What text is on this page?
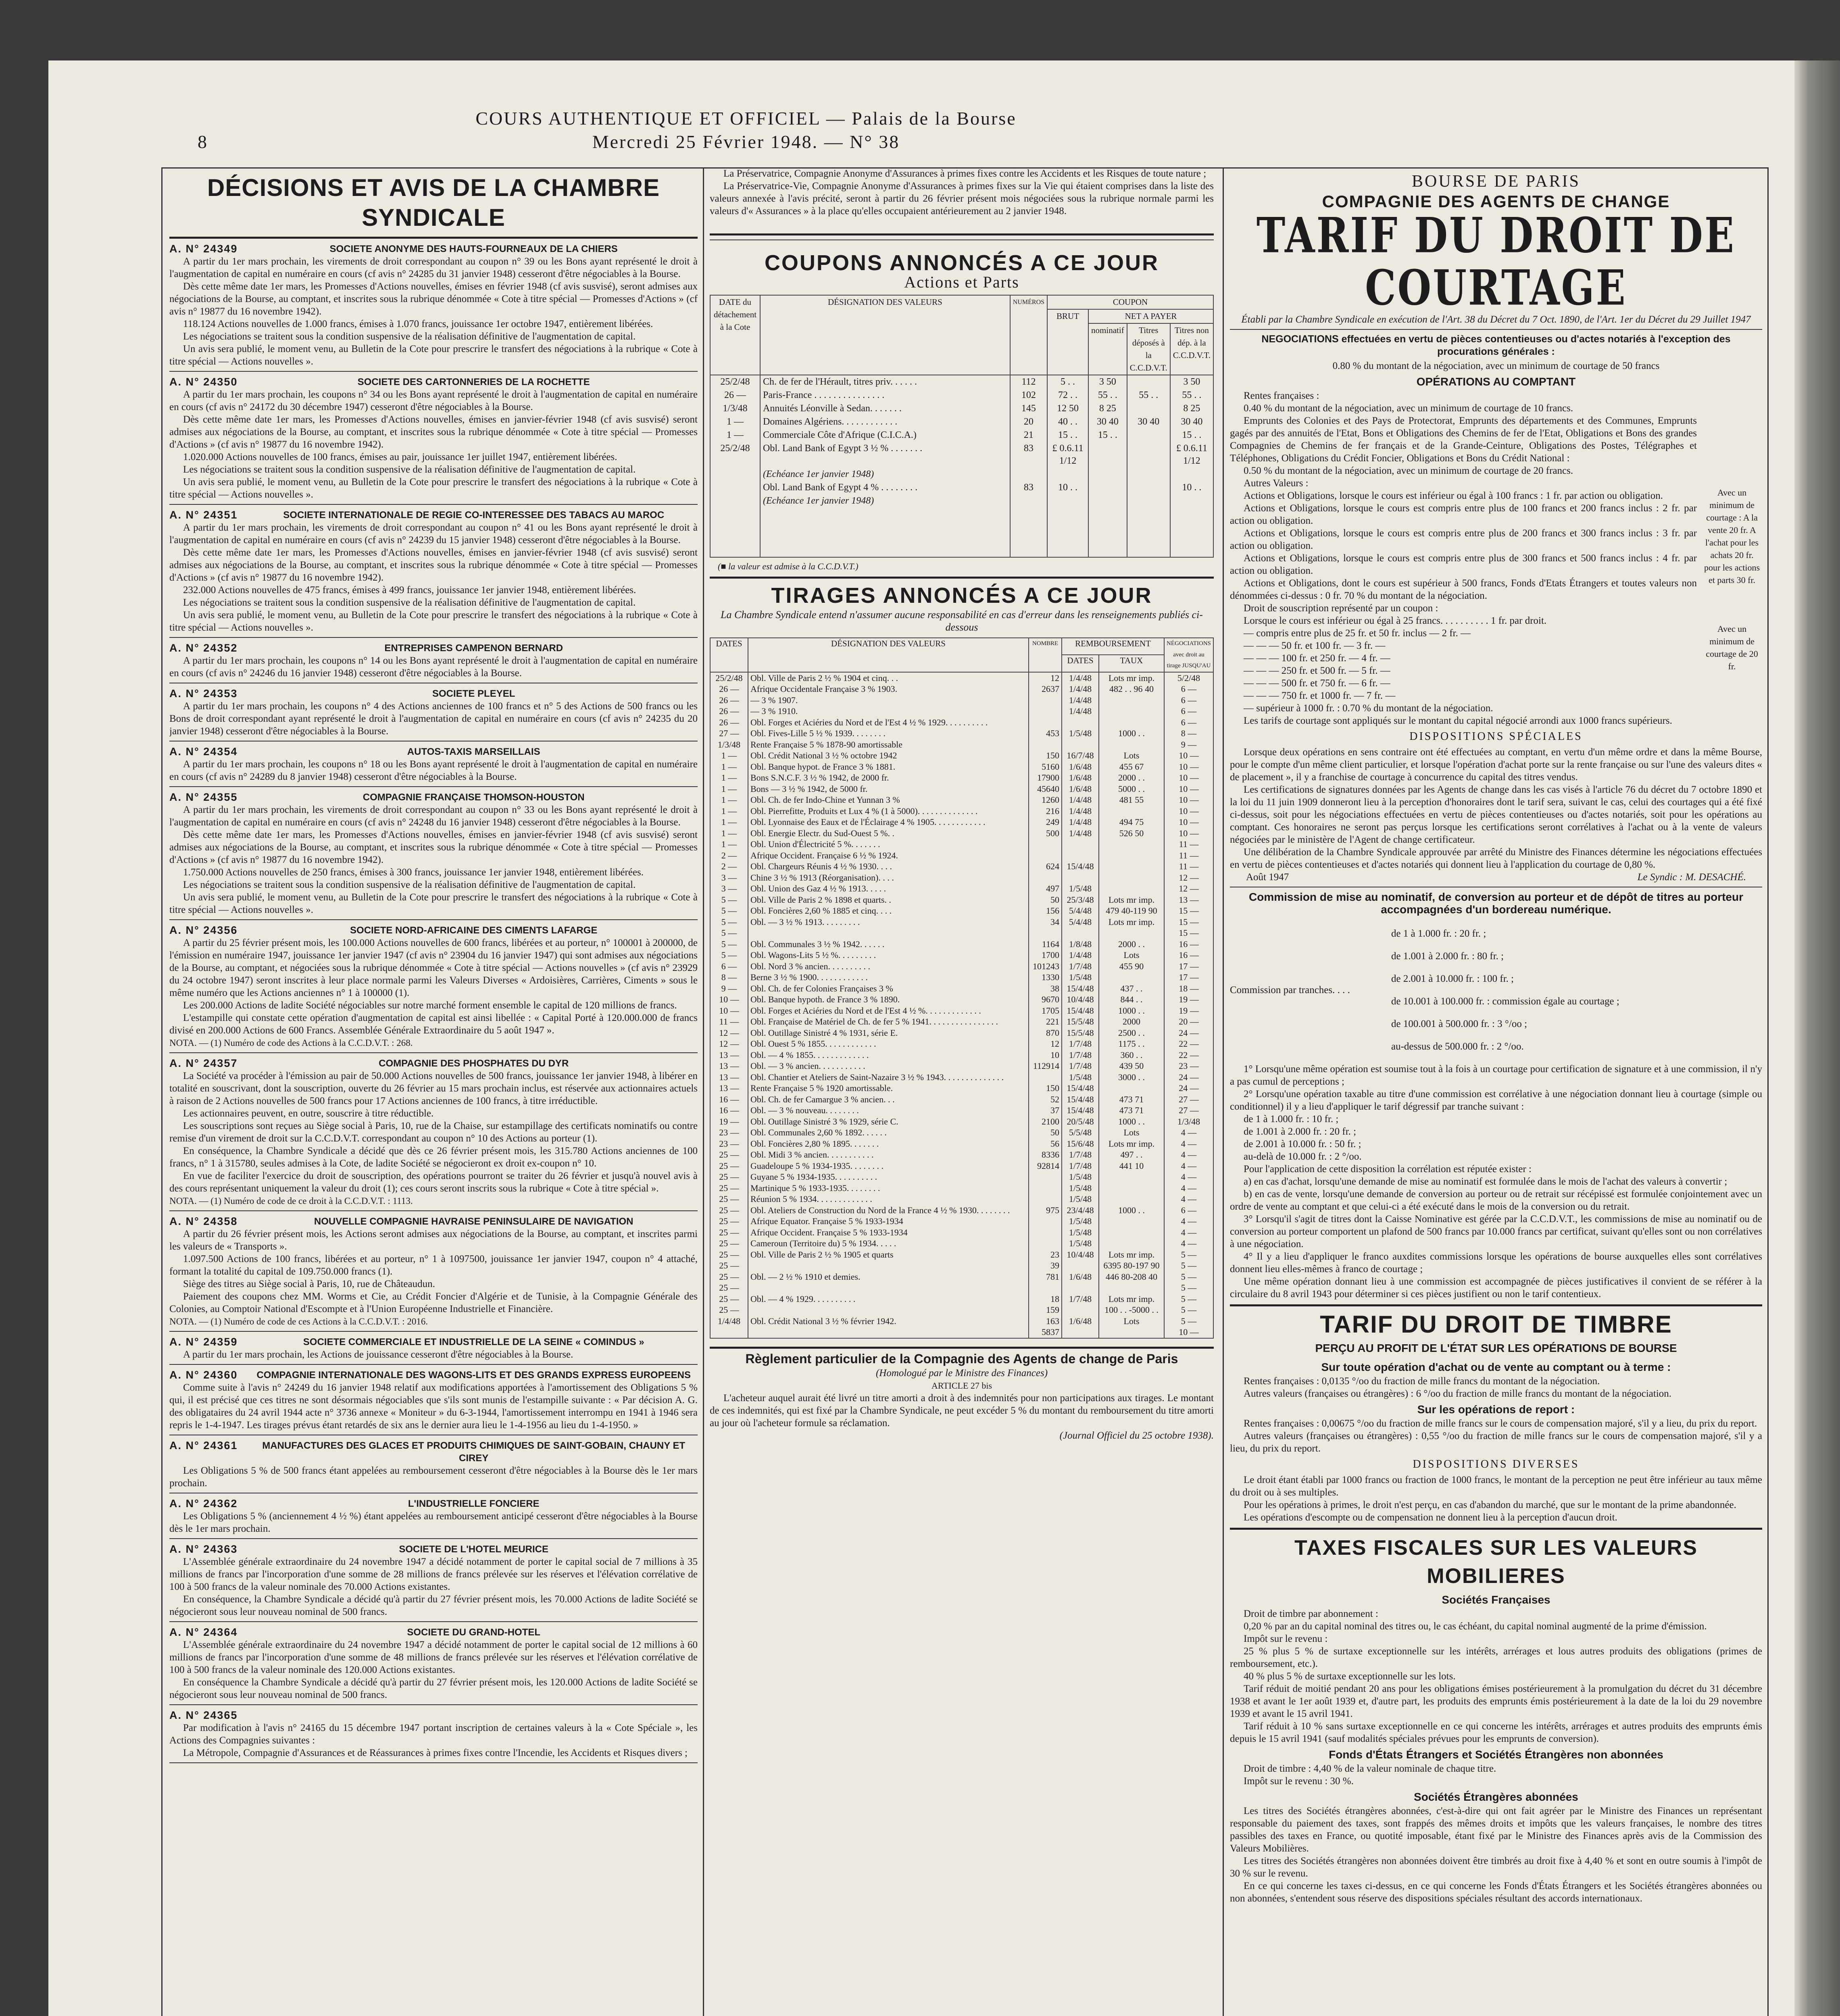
8
COURS AUTHENTIQUE ET OFFICIEL — Palais de la Bourse
Mercredi 25 Février 1948. — N° 38
DÉCISIONS ET AVIS DE LA CHAMBRE SYNDICALE
A. N° 24349	SOCIETE ANONYME DES HAUTS-FOURNEAUX DE LA CHIERS

A partir du 1er mars prochain, les virements de droit correspondant au coupon n° 39 ou les Bons ayant représenté le droit à l'augmentation de capital en numéraire en cours (cf avis n° 24285 du 31 janvier 1948) cesseront d'être négociables à la Bourse.

Dès cette même date 1er mars, les Promesses d'Actions nouvelles, émises en février 1948 (cf avis susvisé), seront admises aux négociations de la Bourse, au comptant, et inscrites sous la rubrique dénommée « Cote à titre spécial — Promesses d'Actions » (cf avis n° 19877 du 16 novembre 1942).

118.124 Actions nouvelles de 1.000 francs, émises à 1.070 francs, jouissance 1er octobre 1947, entièrement libérées.

Les négociations se traitent sous la condition suspensive de la réalisation définitive de l'augmentation de capital.

Un avis sera publié, le moment venu, au Bulletin de la Cote pour prescrire le transfert des négociations à la rubrique « Cote à titre spécial — Actions nouvelles ».

A. N° 24350	SOCIETE DES CARTONNERIES DE LA ROCHETTE

A partir du 1er mars prochain, les coupons n° 34 ou les Bons ayant représenté le droit à l'augmentation de capital en numéraire en cours (cf avis n° 24172 du 30 décembre 1947) cesseront d'être négociables à la Bourse.

Dès cette même date 1er mars, les Promesses d'Actions nouvelles, émises en janvier-février 1948 (cf avis susvisé) seront admises aux négociations de la Bourse, au comptant, et inscrites sous la rubrique dénommée « Cote à titre spécial — Promesses d'Actions » (cf avis n° 19877 du 16 novembre 1942).

1.020.000 Actions nouvelles de 100 francs, émises au pair, jouissance 1er juillet 1947, entièrement libérées.

Les négociations se traitent sous la condition suspensive de la réalisation définitive de l'augmentation de capital.

Un avis sera publié, le moment venu, au Bulletin de la Cote pour prescrire le transfert des négociations à la rubrique « Cote à titre spécial — Actions nouvelles ».

A. N° 24351	SOCIETE INTERNATIONALE DE REGIE CO-INTERESSEE DES TABACS AU MAROC

A partir du 1er mars prochain, les virements de droit correspondant au coupon n° 41 ou les Bons ayant représenté le droit à l'augmentation de capital en numéraire en cours (cf avis n° 24239 du 15 janvier 1948) cesseront d'être négociables à la Bourse.

Dès cette même date 1er mars, les Promesses d'Actions nouvelles, émises en janvier-février 1948 (cf avis susvisé) seront admises aux négociations de la Bourse, au comptant, et inscrites sous la rubrique dénommée « Cote à titre spécial — Promesses d'Actions » (cf avis n° 19877 du 16 novembre 1942).

232.000 Actions nouvelles de 475 francs, émises à 499 francs, jouissance 1er janvier 1948, entièrement libérées.

Les négociations se traitent sous la condition suspensive de la réalisation définitive de l'augmentation de capital.

Un avis sera publié, le moment venu, au Bulletin de la Cote pour prescrire le transfert des négociations à la rubrique « Cote à titre spécial — Actions nouvelles ».

A. N° 24352	ENTREPRISES CAMPENON BERNARD

A partir du 1er mars prochain, les coupons n° 14 ou les Bons ayant représenté le droit à l'augmentation de capital en numéraire en cours (cf avis n° 24246 du 16 janvier 1948) cesseront d'être négociables à la Bourse.

A. N° 24353	SOCIETE PLEYEL

A partir du 1er mars prochain, les coupons n° 4 des Actions anciennes de 100 francs et n° 5 des Actions de 500 francs ou les Bons de droit correspondant ayant représenté le droit à l'augmentation de capital en numéraire en cours (cf avis n° 24235 du 20 janvier 1948) cesseront d'être négociables à la Bourse.

A. N° 24354	AUTOS-TAXIS MARSEILLAIS

A partir du 1er mars prochain, les coupons n° 18 ou les Bons ayant représenté le droit à l'augmentation de capital en numéraire en cours (cf avis n° 24289 du 8 janvier 1948) cesseront d'être négociables à la Bourse.

A. N° 24355	COMPAGNIE FRANÇAISE THOMSON-HOUSTON

A partir du 1er mars prochain, les virements de droit correspondant au coupon n° 33 ou les Bons ayant représenté le droit à l'augmentation de capital en numéraire en cours (cf avis n° 24248 du 16 janvier 1948) cesseront d'être négociables à la Bourse.

Dès cette même date 1er mars, les Promesses d'Actions nouvelles, émises en janvier-février 1948 (cf avis susvisé) seront admises aux négociations de la Bourse, au comptant, et inscrites sous la rubrique dénommée « Cote à titre spécial — Promesses d'Actions » (cf avis n° 19877 du 16 novembre 1942).

1.750.000 Actions nouvelles de 250 francs, émises à 300 francs, jouissance 1er janvier 1948, entièrement libérées.

Les négociations se traitent sous la condition suspensive de la réalisation définitive de l'augmentation de capital.

Un avis sera publié, le moment venu, au Bulletin de la Cote pour prescrire le transfert des négociations à la rubrique « Cote à titre spécial — Actions nouvelles ».

A. N° 24356	SOCIETE NORD-AFRICAINE DES CIMENTS LAFARGE

A partir du 25 février présent mois, les 100.000 Actions nouvelles de 600 francs, libérées et au porteur, n° 100001 à 200000, de l'émission en numéraire 1947, jouissance 1er janvier 1947 (cf avis n° 23904 du 16 janvier 1947) qui sont admises aux négociations de la Bourse, au comptant, et négociées sous la rubrique dénommée « Cote à titre spécial — Actions nouvelles » (cf avis n° 23929 du 24 octobre 1947) seront inscrites à leur place normale parmi les Valeurs Diverses « Ardoisières, Carrières, Ciments » sous le même numéro que les Actions anciennes n° 1 à 100000 (1).

Les 200.000 Actions de ladite Société négociables sur notre marché forment ensemble le capital de 120 millions de francs.

L'estampille qui constate cette opération d'augmentation de capital est ainsi libellée : « Capital Porté à 120.000.000 de francs divisé en 200.000 Actions de 600 Francs. Assemblée Générale Extraordinaire du 5 août 1947 ».

NOTA. — (1) Numéro de code des Actions à la C.C.D.V.T. : 268.

A. N° 24357	COMPAGNIE DES PHOSPHATES DU DYR

La Société va procéder à l'émission au pair de 50.000 Actions nouvelles de 500 francs, jouissance 1er janvier 1948, à libérer en totalité en souscrivant, dont la souscription, ouverte du 26 février au 15 mars prochain inclus, est réservée aux actionnaires actuels à raison de 2 Actions nouvelles de 500 francs pour 17 Actions anciennes de 100 francs, à titre irréductible.

Les actionnaires peuvent, en outre, souscrire à titre réductible.

Les souscriptions sont reçues au Siège social à Paris, 10, rue de la Chaise, sur estampillage des certificats nominatifs ou contre remise d'un virement de droit sur la C.C.D.V.T. correspondant au coupon n° 10 des Actions au porteur (1).

En conséquence, la Chambre Syndicale a décidé que dès ce 26 février présent mois, les 315.780 Actions anciennes de 100 francs, n° 1 à 315780, seules admises à la Cote, de ladite Société se négocieront ex droit ex-coupon n° 10.

En vue de faciliter l'exercice du droit de souscription, des opérations pourront se traiter du 26 février et jusqu'à nouvel avis à des cours représentant uniquement la valeur du droit (1); ces cours seront inscrits sous la rubrique « Cote à titre spécial ».

NOTA. — (1) Numéro de code de ce droit à la C.C.D.V.T. : 1113.

A. N° 24358	NOUVELLE COMPAGNIE HAVRAISE PENINSULAIRE DE NAVIGATION

A partir du 26 février présent mois, les Actions seront admises aux négociations de la Bourse, au comptant, et inscrites parmi les valeurs de « Transports ».

1.097.500 Actions de 100 francs, libérées et au porteur, n° 1 à 1097500, jouissance 1er janvier 1947, coupon n° 4 attaché, formant la totalité du capital de 109.750.000 francs (1).

Siège des titres au Siège social à Paris, 10, rue de Châteaudun.

Paiement des coupons chez MM. Worms et Cie, au Crédit Foncier d'Algérie et de Tunisie, à la Compagnie Générale des Colonies, au Comptoir National d'Escompte et à l'Union Européenne Industrielle et Financière.

NOTA. — (1) Numéro de code de ces Actions à la C.C.D.V.T. : 2016.

A. N° 24359	SOCIETE COMMERCIALE ET INDUSTRIELLE DE LA SEINE « COMINDUS »

A partir du 1er mars prochain, les Actions de jouissance cesseront d'être négociables à la Bourse.

A. N° 24360	COMPAGNIE INTERNATIONALE DES WAGONS-LITS ET DES GRANDS EXPRESS EUROPEENS

Comme suite à l'avis n° 24249 du 16 janvier 1948 relatif aux modifications apportées à l'amortissement des Obligations 5 % qui, il est précisé que ces titres ne sont désormais négociables que s'ils sont munis de l'estampille suivante : « Par décision A. G. des obligataires du 24 avril 1944 acte n° 3736 annexe « Moniteur » du 6-3-1944, l'amortissement interrompu en 1941 à 1946 sera repris le 1-4-1947. Les tirages prévus étant retardés de six ans le dernier aura lieu le 1-4-1956 au lieu du 1-4-1950. »

A. N° 24361	MANUFACTURES DES GLACES ET PRODUITS CHIMIQUES DE SAINT-GOBAIN, CHAUNY ET CIREY

Les Obligations 5 % de 500 francs étant appelées au remboursement cesseront d'être négociables à la Bourse dès le 1er mars prochain.

A. N° 24362	L'INDUSTRIELLE FONCIERE

Les Obligations 5 % (anciennement 4 ½ %) étant appelées au remboursement anticipé cesseront d'être négociables à la Bourse dès le 1er mars prochain.

A. N° 24363	SOCIETE DE L'HOTEL MEURICE

L'Assemblée générale extraordinaire du 24 novembre 1947 a décidé notamment de porter le capital social de 7 millions à 35 millions de francs par l'incorporation d'une somme de 28 millions de francs prélevée sur les réserves et l'élévation corrélative de 100 à 500 francs de la valeur nominale des 70.000 Actions existantes.

En conséquence, la Chambre Syndicale a décidé qu'à partir du 27 février présent mois, les 70.000 Actions de ladite Société se négocieront sous leur nouveau nominal de 500 francs.

A. N° 24364	SOCIETE DU GRAND-HOTEL

L'Assemblée générale extraordinaire du 24 novembre 1947 a décidé notamment de porter le capital social de 12 millions à 60 millions de francs par l'incorporation d'une somme de 48 millions de francs prélevée sur les réserves et l'élévation corrélative de 100 à 500 francs de la valeur nominale des 120.000 Actions existantes.

En conséquence la Chambre Syndicale a décidé qu'à partir du 27 février présent mois, les 120.000 Actions de ladite Société se négocieront sous leur nouveau nominal de 500 francs.

A. N° 24365

Par modification à l'avis n° 24165 du 15 décembre 1947 portant inscription de certaines valeurs à la « Cote Spéciale », les Actions des Compagnies suivantes :

La Métropole, Compagnie d'Assurances et de Réassurances à primes fixes contre l'Incendie, les Accidents et Risques divers ;

La Préservatrice, Compagnie Anonyme d'Assurances à primes fixes contre les Accidents et les Risques de toute nature ;

La Préservatrice-Vie, Compagnie Anonyme d'Assurances à primes fixes sur la Vie qui étaient comprises dans la liste des valeurs annexée à l'avis précité, seront à partir du 26 février présent mois négociées sous la rubrique normale parmi les valeurs d'« Assurances » à la place qu'elles occupaient antérieurement au 2 janvier 1948.

COUPONS ANNONCÉS A CE JOUR
Actions et Parts
DATE du détachement à la Cote	DÉSIGNATION DES VALEURS	NUMÉROS	COUPON			
			BRUT	NET A PAYER		
				nominatif	Titres déposés à la C.C.D.V.T.	Titres non dép. à la C.C.D.V.T.
25/2/48	Ch. de fer de l'Hérault, titres priv. . . . . .	112	5 . .	3 50		3 50
26 —	Paris-France . . . . . . . . . . . . . . .	102	72 . .	55 . .	55 . .	55 . .
1/3/48	Annuités Léonville à Sedan. . . . . . .	145	12 50	8 25		8 25
1 —	Domaines Algériens. . . . . . . . . . . .	20	40 . .	30 40	30 40	30 40
1 —	Commerciale Côte d'Afrique (C.I.C.A.)	21	15 . .	15 . .		15 . .
25/2/48	Obl. Land Bank of Egypt 3 ½ % . . . . . . .	83	£ 0.6.11 1/12			£ 0.6.11 1/12
	(Echéance 1er janvier 1948)					
	Obl. Land Bank of Egypt 4 % . . . . . . . .	83	10 . .			10 . .
	(Echéance 1er janvier 1948)					

(■ la valeur est admise à la C.C.D.V.T.)
TIRAGES ANNONCÉS A CE JOUR
La Chambre Syndicale entend n'assumer aucune responsabilité en cas d'erreur dans les renseignements publiés ci-dessous
DATES	DÉSIGNATION DES VALEURS	NOMBRE	REMBOURSEMENT		NÉGOCIATIONS avec droit au tirage JUSQU'AU
			DATES	TAUX	
25/2/48	Obl. Ville de Paris 2 ½ % 1904 et cinq. . .	12	1/4/48	Lots mr imp.	5/2/48
26 —	Afrique Occidentale Française 3 % 1903.	2637	1/4/48	482 . . 96 40	6 —
26 —	— 3 % 1907.		1/4/48		6 —
26 —	— 3 % 1910.		1/4/48		6 —
26 —	Obl. Forges et Aciéries du Nord et de l'Est 4 ½ % 1929. . . . . . . . . .				6 —
27 —	Obl. Fives-Lille 5 ½ % 1939. . . . . . . .	453	1/5/48	1000 . .	8 —
1/3/48	Rente Française 5 % 1878-90 amortissable				9 —
1 —	Obl. Crédit National 3 ½ % octobre 1942	150	16/7/48	Lots	10 —
1 —	Obl. Banque hypot. de France 3 % 1881.	5160	1/6/48	455 67	10 —
1 —	Bons S.N.C.F. 3 ½ % 1942, de 2000 fr.	17900	1/6/48	2000 . .	10 —
1 —	Bons — 3 ½ % 1942, de 5000 fr.	45640	1/6/48	5000 . .	10 —
1 —	Obl. Ch. de fer Indo-Chine et Yunnan 3 %	1260	1/4/48	481 55	10 —
1 —	Obl. Pierrefitte, Produits et Lux 4 % (1 à 5000). . . . . . . . . . . . . .	216	1/4/48		10 —
1 —	Obl. Lyonnaise des Eaux et de l'Éclairage 4 % 1905. . . . . . . . . . . .	249	1/4/48	494 75	10 —
1 —	Obl. Energie Electr. du Sud-Ouest 5 %. .	500	1/4/48	526 50	10 —
1 —	Obl. Union d'Électricité 5 %. . . . . . .				11 —
2 —	Afrique Occident. Française 6 ½ % 1924.				11 —
2 —	Obl. Chargeurs Réunis 4 ½ % 1930. . . .	624	15/4/48		11 —
3 —	Chine 3 ½ % 1913 (Réorganisation). . . .				12 —
3 —	Obl. Union des Gaz 4 ½ % 1913. . . . .	497	1/5/48		12 —
5 —	Obl. Ville de Paris 2 % 1898 et quarts. .	50	25/3/48	Lots mr imp.	13 —
5 —	Obl. Foncières 2,60 % 1885 et cinq. . . .	156	5/4/48	479 40-119 90	15 —
5 —	Obl. — 3 ½ % 1913. . . . . . . . .	34	5/4/48	Lots mr imp.	15 —
5 —					15 —
5 —	Obl. Communales 3 ½ % 1942. . . . . .	1164	1/8/48	2000 . .	16 —
5 —	Obl. Wagons-Lits 5 ½ %. . . . . . . . .	1700	1/4/48	Lots	16 —
6 —	Obl. Nord 3 % ancien. . . . . . . . . .	101243	1/7/48	455 90	17 —
8 —	Berne 3 ½ % 1900. . . . . . . . . . . .	1330	1/5/48		17 —
9 —	Obl. Ch. de fer Colonies Françaises 3 %	38	15/4/48	437 . .	18 —
10 —	Obl. Banque hypoth. de France 3 % 1890.	9670	10/4/48	844 . .	19 —
10 —	Obl. Forges et Aciéries du Nord et de l'Est 4 ½ %. . . . . . . . . . . . .	1705	15/4/48	1000 . .	19 —
11 —	Obl. Française de Matériel de Ch. de fer 5 % 1941. . . . . . . . . . . . . . . .	221	15/5/48	2000	20 —
12 —	Obl. Outillage Sinistré 4 % 1931, série E.	870	15/5/48	2500 . .	24 —
12 —	Obl. Ouest 5 % 1855. . . . . . . . . . . .	12	1/7/48	1175 . .	22 —
13 —	Obl. — 4 % 1855. . . . . . . . . . . . .	10	1/7/48	360 . .	22 —
13 —	Obl. — 3 % ancien. . . . . . . . . . .	112914	1/7/48	439 50	23 —
13 —	Obl. Chantier et Ateliers de Saint-Nazaire 3 ½ % 1943. . . . . . . . . . . . . .		1/5/48	3000 . .	24 —
13 —	Rente Française 5 % 1920 amortissable.	150	15/4/48		24 —
16 —	Obl. Ch. de fer Camargue 3 % ancien. . .	52	15/4/48	473 71	27 —
16 —	Obl. — 3 % nouveau. . . . . . . .	37	15/4/48	473 71	27 —
19 —	Obl. Outillage Sinistré 3 % 1929, série C.	2100	20/5/48	1000 . .	1/3/48
23 —	Obl. Communales 2,60 % 1892. . . . . .	50	5/5/48	Lots	4 —
23 —	Obl. Foncières 2,80 % 1895. . . . . . .	56	15/6/48	Lots mr imp.	4 —
25 —	Obl. Midi 3 % ancien. . . . . . . . . . .	8336	1/7/48	497 . .	4 —
25 —	Guadeloupe 5 % 1934-1935. . . . . . . .	92814	1/7/48	441 10	4 —
25 —	Guyane 5 % 1934-1935. . . . . . . . . .		1/5/48		4 —
25 —	Martinique 5 % 1933-1935. . . . . . . .		1/5/48		4 —
25 —	Réunion 5 % 1934. . . . . . . . . . . . .		1/5/48		4 —
25 —	Obl. Ateliers de Construction du Nord de la France 4 ½ % 1930. . . . . . . .	975	23/4/48	1000 . .	6 —
25 —	Afrique Equator. Française 5 % 1933-1934		1/5/48		4 —
25 —	Afrique Occident. Française 5 % 1933-1934		1/5/48		4 —
25 —	Cameroun (Territoire du) 5 % 1934. . . . .		1/5/48		4 —
25 —	Obl. Ville de Paris 2 ½ % 1905 et quarts	23	10/4/48	Lots mr imp.	5 —
25 —		39		6395 80-197 90	5 —
25 —	Obl. — 2 ½ % 1910 et demies.	781	1/6/48	446 80-208 40	5 —
25 —					5 —
25 —	Obl. — 4 % 1929. . . . . . . . . .	18	1/7/48	Lots mr imp.	5 —
25 —		159		100 . . -5000 . .	5 —
1/4/48	Obl. Crédit National 3 ½ % février 1942.	163	1/6/48	Lots	5 —
		5837			10 —
Règlement particulier de la Compagnie des Agents de change de Paris
(Homologué par le Ministre des Finances)
ARTICLE 27 bis

L'acheteur auquel aurait été livré un titre amorti a droit à des indemnités pour non participations aux tirages. Le montant de ces indemnités, qui est fixé par la Chambre Syndicale, ne peut excéder 5 % du montant du remboursement du titre amorti au jour où l'acheteur formule sa réclamation.

(Journal Officiel du 25 octobre 1938).
BOURSE DE PARIS
COMPAGNIE DES AGENTS DE CHANGE
TARIF DU DROIT DE COURTAGE
Établi par la Chambre Syndicale en exécution de l'Art. 38 du Décret du 7 Oct. 1890, de l'Art. 1er du Décret du 29 Juillet 1947
NEGOCIATIONS effectuées en vertu de pièces contentieuses ou d'actes notariés à l'exception des procurations générales :
0.80 % du montant de la négociation, avec un minimum de courtage de 50 francs
OPÉRATIONS AU COMPTANT

Rentes françaises :

0.40 % du montant de la négociation, avec un minimum de courtage de 10 francs.

Emprunts des Colonies et des Pays de Protectorat, Emprunts des départements et des Communes, Emprunts gagés par des annuités de l'Etat, Bons et Obligations des Chemins de fer de l'Etat, Obligations et Bons des grandes Compagnies de Chemins de fer français et de la Grande-Ceinture, Obligations des Postes, Télégraphes et Téléphones, Obligations du Crédit Foncier, Obligations et Bons du Crédit National :

0.50 % du montant de la négociation, avec un minimum de courtage de 20 francs.

Autres Valeurs :

Actions et Obligations, lorsque le cours est inférieur ou égal à 100 francs : 1 fr. par action ou obligation.

Actions et Obligations, lorsque le cours est compris entre plus de 100 francs et 200 francs inclus : 2 fr. par action ou obligation.

Actions et Obligations, lorsque le cours est compris entre plus de 200 francs et 300 francs inclus : 3 fr. par action ou obligation.

Actions et Obligations, lorsque le cours est compris entre plus de 300 francs et 500 francs inclus : 4 fr. par action ou obligation.

Actions et Obligations, dont le cours est supérieur à 500 francs, Fonds d'Etats Étrangers et toutes valeurs non dénommées ci-dessus : 0 fr. 70 % du montant de la négociation.

Droit de souscription représenté par un coupon :

Lorsque le cours est inférieur ou égal à 25 francs. . . . . . . . . . 1 fr. par droit.

— compris entre plus de 25 fr. et 50 fr. inclus — 2 fr. —

— — — 50 fr. et 100 fr. — 3 fr. —

— — — 100 fr. et 250 fr. — 4 fr. —

— — — 250 fr. et 500 fr. — 5 fr. —

— — — 500 fr. et 750 fr. — 6 fr. —

— — — 750 fr. et 1000 fr. — 7 fr. —

— supérieur à 1000 fr. : 0.70 % du montant de la négociation.

Les tarifs de courtage sont appliqués sur le montant du capital négocié arrondi aux 1000 francs supérieurs.

Avec un minimum de courtage : A la vente 20 fr. A l'achat pour les achats 20 fr. pour les actions et parts 30 fr.
Avec un minimum de courtage de 20 fr.
DISPOSITIONS SPÉCIALES

Lorsque deux opérations en sens contraire ont été effectuées au comptant, en vertu d'un même ordre et dans la même Bourse, pour le compte d'un même client particulier, et lorsque l'opération d'achat porte sur la rente française ou sur l'une des valeurs dites « de placement », il y a franchise de courtage à concurrence du capital des titres vendus.

Les certifications de signatures données par les Agents de change dans les cas visés à l'article 76 du décret du 7 octobre 1890 et la loi du 11 juin 1909 donneront lieu à la perception d'honoraires dont le tarif sera, suivant le cas, celui des courtages qui a été fixé ci-dessus, soit pour les négociations effectuées en vertu de pièces contentieuses ou d'actes notariés, soit pour les opérations au comptant. Ces honoraires ne seront pas perçus lorsque les certifications seront corrélatives à l'achat ou à la vente de valeurs négociées par le ministère de l'Agent de change certificateur.

Une délibération de la Chambre Syndicale approuvée par arrêté du Ministre des Finances détermine les négociations effectuées en vertu de pièces contentieuses et d'actes notariés qui donnent lieu à l'application du courtage de 0,80 %.

Août 1947	Le Syndic : M. DESACHÉ.
Commission de mise au nominatif, de conversion au porteur et de dépôt de titres au porteur accompagnées d'un bordereau numérique.
Commission par tranches. . . .

de 1 à 1.000 fr. : 20 fr. ;

de 1.001 à 2.000 fr. : 80 fr. ;

de 2.001 à 10.000 fr. : 100 fr. ;

de 10.001 à 100.000 fr. : commission égale au courtage ;

de 100.001 à 500.000 fr. : 3 °/oo ;

au-dessus de 500.000 fr. : 2 °/oo.

1° Lorsqu'une même opération est soumise tout à la fois à un courtage pour certification de signature et à une commission, il n'y a pas cumul de perceptions ;

2° Lorsqu'une opération taxable au titre d'une commission est corrélative à une négociation donnant lieu à courtage (simple ou conditionnel) il y a lieu d'appliquer le tarif dégressif par tranche suivant :

de 1 à 1.000 fr. : 10 fr. ;

de 1.001 à 2.000 fr. : 20 fr. ;

de 2.001 à 10.000 fr. : 50 fr. ;

au-delà de 10.000 fr. : 2 °/oo.

Pour l'application de cette disposition la corrélation est réputée exister :

a) en cas d'achat, lorsqu'une demande de mise au nominatif est formulée dans le mois de l'achat des valeurs à convertir ;

b) en cas de vente, lorsqu'une demande de conversion au porteur ou de retrait sur récépissé est formulée conjointement avec un ordre de vente au comptant et que celui-ci a été exécuté dans le mois de la conversion ou du retrait.

3° Lorsqu'il s'agit de titres dont la Caisse Nominative est gérée par la C.C.D.V.T., les commissions de mise au nominatif ou de conversion au porteur comportent un plafond de 500 francs par 10.000 francs par certificat, suivant qu'elles sont ou non corrélatives à une négociation.

4° Il y a lieu d'appliquer le franco auxdites commissions lorsque les opérations de bourse auxquelles elles sont corrélatives donnent lieu elles-mêmes à franco de courtage ;

Une même opération donnant lieu à une commission est accompagnée de pièces justificatives il convient de se référer à la circulaire du 8 avril 1943 pour déterminer si ces pièces justifient ou non le tarif contentieux.

TARIF DU DROIT DE TIMBRE
PERÇU AU PROFIT DE L'ÉTAT SUR LES OPÉRATIONS DE BOURSE
Sur toute opération d'achat ou de vente au comptant ou à terme :

Rentes françaises : 0,0135 °/oo du fraction de mille francs du montant de la négociation.

Autres valeurs (françaises ou étrangères) : 6 °/oo du fraction de mille francs du montant de la négociation.

Sur les opérations de report :

Rentes françaises : 0,00675 °/oo du fraction de mille francs sur le cours de compensation majoré, s'il y a lieu, du prix du report.

Autres valeurs (françaises ou étrangères) : 0,55 °/oo du fraction de mille francs sur le cours de compensation majoré, s'il y a lieu, du prix du report.

DISPOSITIONS DIVERSES

Le droit étant établi par 1000 francs ou fraction de 1000 francs, le montant de la perception ne peut être inférieur au taux même du droit ou à ses multiples.

Pour les opérations à primes, le droit n'est perçu, en cas d'abandon du marché, que sur le montant de la prime abandonnée.

Les opérations d'escompte ou de compensation ne donnent lieu à la perception d'aucun droit.

TAXES FISCALES SUR LES VALEURS MOBILIERES
Sociétés Françaises

Droit de timbre par abonnement :

0,20 % par an du capital nominal des titres ou, le cas échéant, du capital nominal augmenté de la prime d'émission.

Impôt sur le revenu :

25 % plus 5 % de surtaxe exceptionnelle sur les intérêts, arrérages et lous autres produits des obligations (primes de remboursement, etc.).

40 % plus 5 % de surtaxe exceptionnelle sur les lots.

Tarif réduit de moitié pendant 20 ans pour les obligations émises postérieurement à la promulgation du décret du 31 décembre 1938 et avant le 1er août 1939 et, d'autre part, les produits des emprunts émis postérieurement à la date de la loi du 29 novembre 1939 et avant le 15 avril 1941.

Tarif réduit à 10 % sans surtaxe exceptionnelle en ce qui concerne les intérêts, arrérages et autres produits des emprunts émis depuis le 15 avril 1941 (sauf modalités spéciales prévues pour les emprunts de conversion).

Fonds d'États Étrangers et Sociétés Étrangères non abonnées

Droit de timbre : 4,40 % de la valeur nominale de chaque titre.

Impôt sur le revenu : 30 %.

Sociétés Étrangères abonnées

Les titres des Sociétés étrangères abonnées, c'est-à-dire qui ont fait agréer par le Ministre des Finances un représentant responsable du paiement des taxes, sont frappés des mêmes droits et impôts que les valeurs françaises, le nombre des titres passibles des taxes en France, ou quotité imposable, étant fixé par le Ministre des Finances après avis de la Commission des Valeurs Mobilières.

Les titres des Sociétés étrangères non abonnées doivent être timbrés au droit fixe à 4,40 % et sont en outre soumis à l'impôt de 30 % sur le revenu.

En ce qui concerne les taxes ci-dessus, en ce qui concerne les Fonds d'États Étrangers et les Sociétés étrangères abonnées ou non abonnées, s'entendent sous réserve des dispositions spéciales résultant des accords internationaux.
